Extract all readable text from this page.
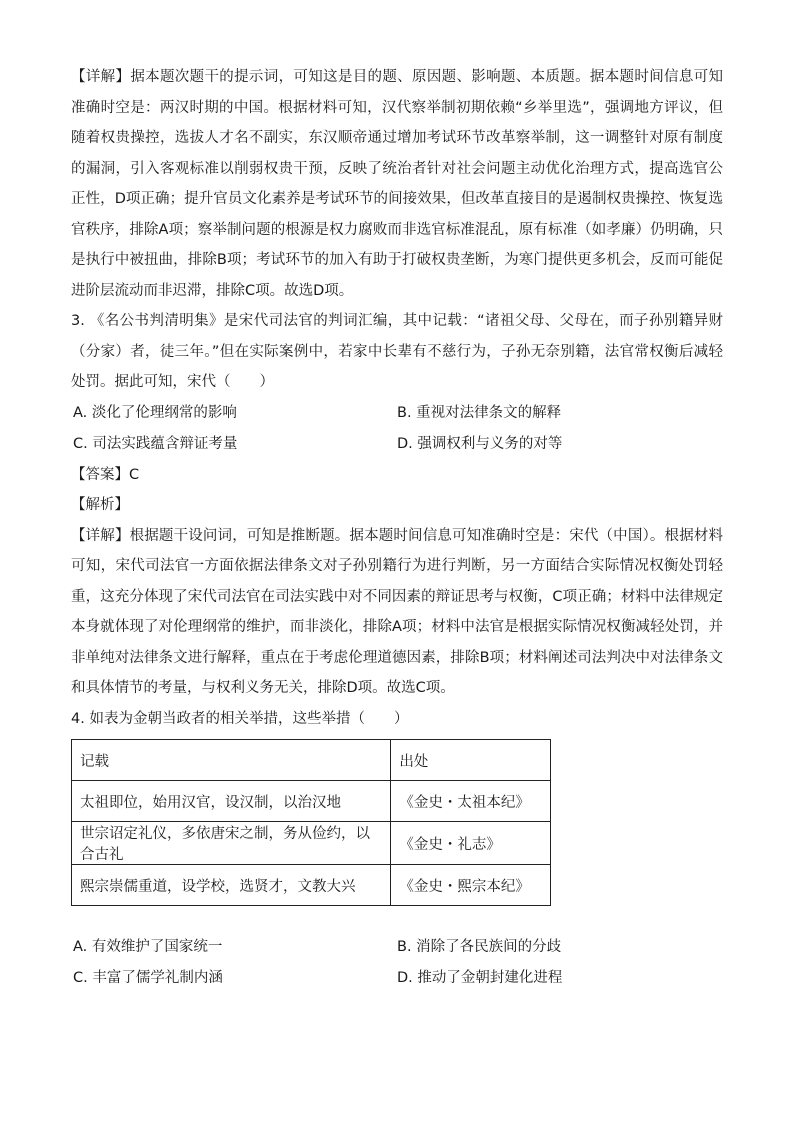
【详解】据本题次题干的提示词，可知这是目的题、原因题、影响题、本质题。据本题时间信息可知准确时空是：两汉时期的中国。根据材料可知，汉代察举制初期依赖“乡举里选”，强调地方评议，但随着权贵操控，选拔人才名不副实，东汉顺帝通过增加考试环节改革察举制，这一调整针对原有制度的漏洞，引入客观标准以削弱权贵干预，反映了统治者针对社会问题主动优化治理方式，提高选官公正性，D项正确；提升官员文化素养是考试环节的间接效果，但改革直接目的是遏制权贵操控、恢复选官秩序，排除A项；察举制问题的根源是权力腐败而非选官标准混乱，原有标准（如孝廉）仍明确，只是执行中被扭曲，排除B项；考试环节的加入有助于打破权贵垄断，为寒门提供更多机会，反而可能促进阶层流动而非迟滞，排除C项。故选D项。

3. 《名公书判清明集》是宋代司法官的判词汇编，其中记载：“诸祖父母、父母在，而子孙别籍异财（分家）者，徒三年。”但在实际案例中，若家中长辈有不慈行为，子孙无奈别籍，法官常权衡后减轻处罚。据此可知，宋代（　　）

A. 淡化了伦理纲常的影响	B. 重视对法律条文的解释
C. 司法实践蕴含辩证考量	D. 强调权利与义务的对等

【答案】C

【解析】

【详解】根据题干设问词，可知是推断题。据本题时间信息可知准确时空是：宋代（中国）。根据材料可知，宋代司法官一方面依据法律条文对子孙别籍行为进行判断，另一方面结合实际情况权衡处罚轻重，这充分体现了宋代司法官在司法实践中对不同因素的辩证思考与权衡，C项正确；材料中法律规定本身就体现了对伦理纲常的维护，而非淡化，排除A项；材料中法官是根据实际情况权衡减轻处罚，并非单纯对法律条文进行解释，重点在于考虑伦理道德因素，排除B项；材料阐述司法判决中对法律条文和具体情节的考量，与权利义务无关，排除D项。故选C项。

4. 如表为金朝当政者的相关举措，这些举措（　　）

记载	出处
太祖即位，始用汉官，设汉制，以治汉地	《金史・太祖本纪》
世宗诏定礼仪，多依唐宋之制，务从俭约，以合古礼	《金史・礼志》
熙宗崇儒重道，设学校，选贤才，文教大兴	《金史・熙宗本纪》
A. 有效维护了国家统一	B. 消除了各民族间的分歧
C. 丰富了儒学礼制内涵	D. 推动了金朝封建化进程
